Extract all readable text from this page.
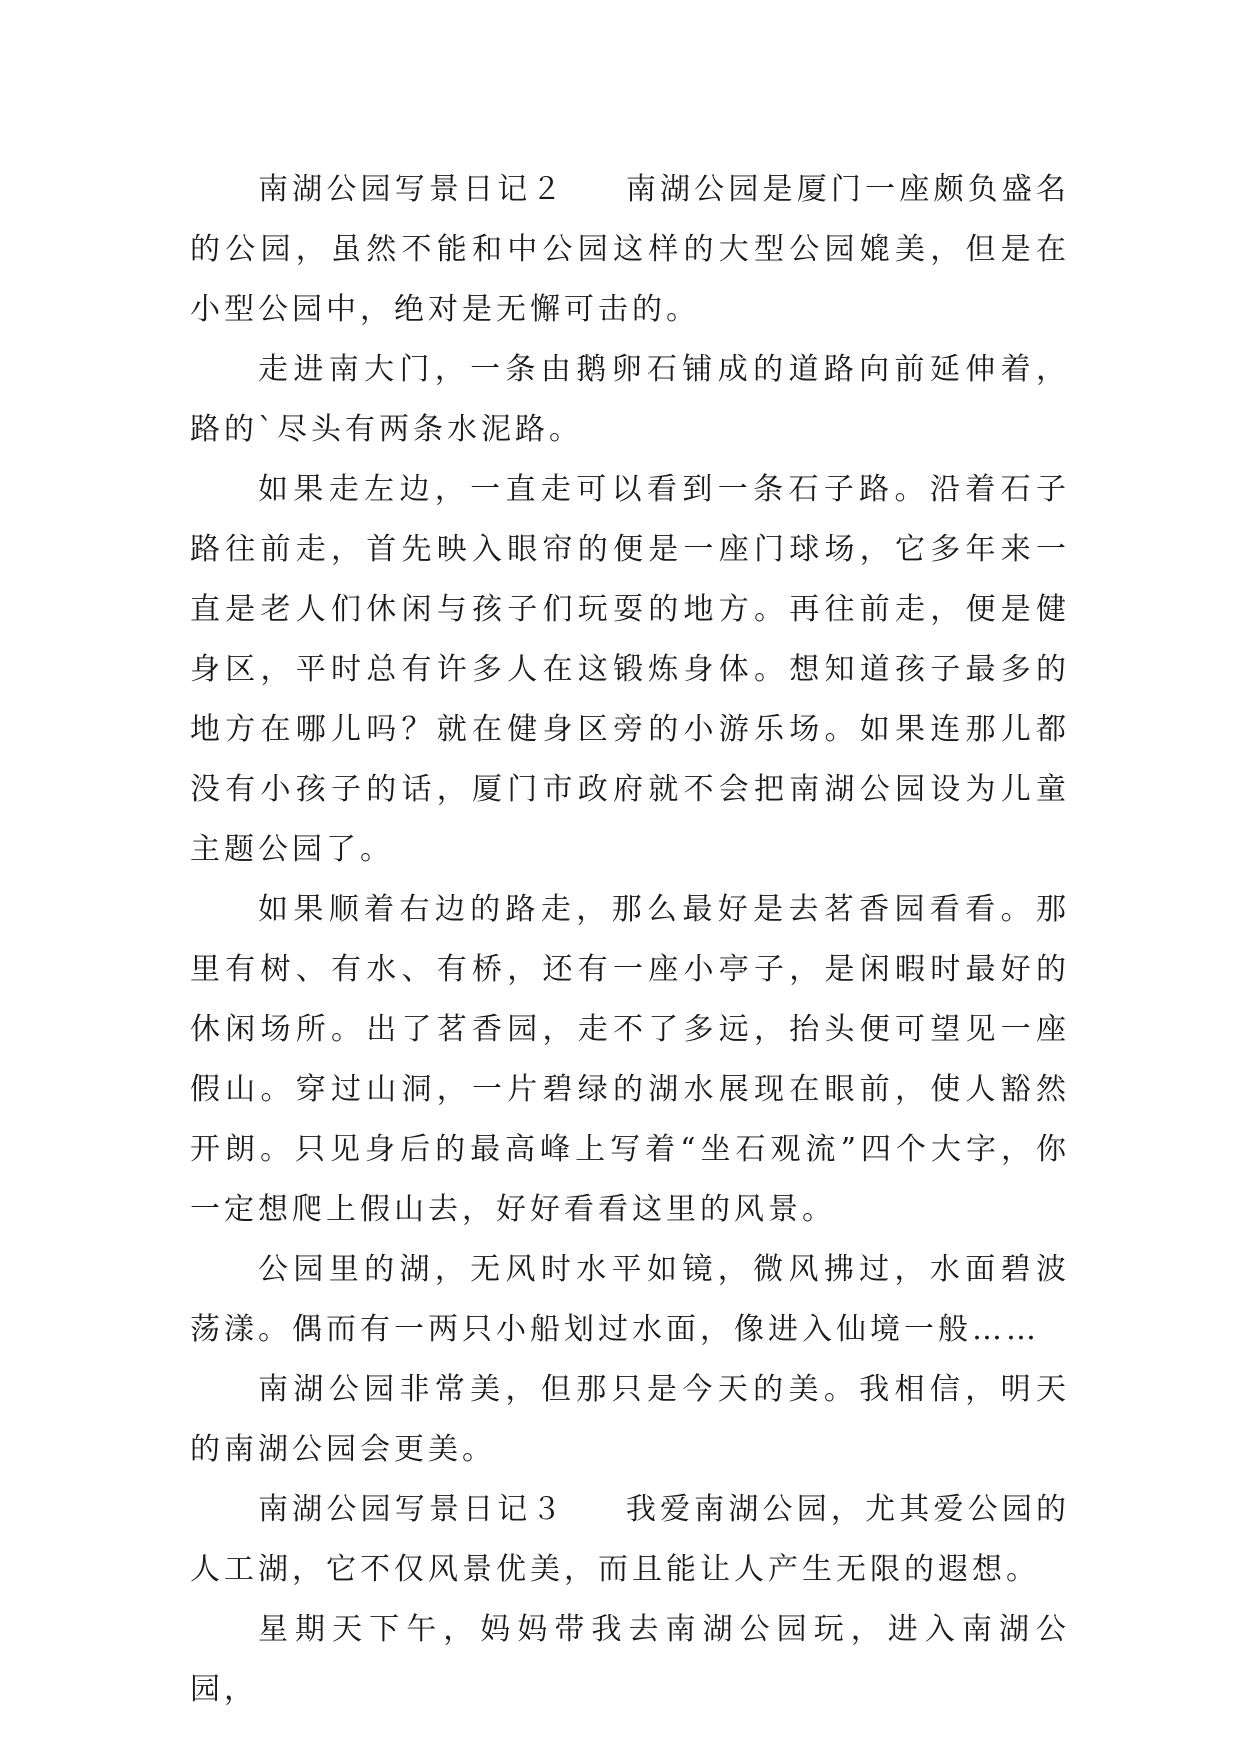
南湖公园写景日记２ 南湖公园是厦门一座颇负盛名的公园，虽然不能和中公园这样的大型公园媲美，但是在小型公园中，绝对是无懈可击的。

走进南大门，一条由鹅卵石铺成的道路向前延伸着，路的`尽头有两条水泥路。

如果走左边，一直走可以看到一条石子路。沿着石子路往前走，首先映入眼帘的便是一座门球场，它多年来一直是老人们休闲与孩子们玩耍的地方。再往前走，便是健身区，平时总有许多人在这锻炼身体。想知道孩子最多的地方在哪儿吗？就在健身区旁的小游乐场。如果连那儿都没有小孩子的话，厦门市政府就不会把南湖公园设为儿童主题公园了。

如果顺着右边的路走，那么最好是去茗香园看看。那里有树、有水、有桥，还有一座小亭子，是闲暇时最好的休闲场所。出了茗香园，走不了多远，抬头便可望见一座假山。穿过山洞，一片碧绿的湖水展现在眼前，使人豁然开朗。只见身后的最高峰上写着“坐石观流”四个大字，你一定想爬上假山去，好好看看这里的风景。

公园里的湖，无风时水平如镜，微风拂过，水面碧波荡漾。偶而有一两只小船划过水面，像进入仙境一般……

南湖公园非常美，但那只是今天的美。我相信，明天的南湖公园会更美。

南湖公园写景日记３ 我爱南湖公园，尤其爱公园的人工湖，它不仅风景优美，而且能让人产生无限的遐想。

星期天下午，妈妈带我去南湖公园玩，进入南湖公园，
